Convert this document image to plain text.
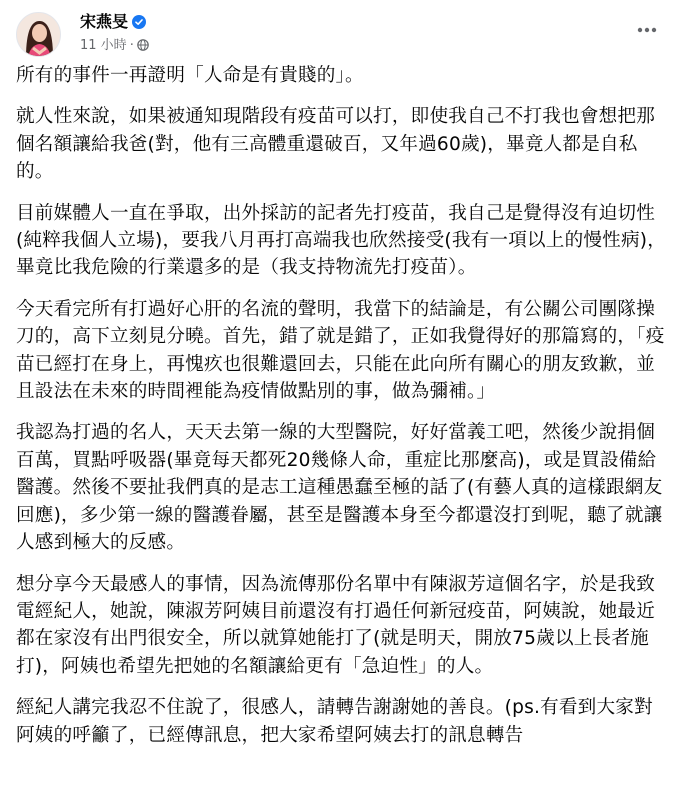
宋燕旻
11 小時 ·

所有的事件一再證明「人命是有貴賤的」。

就人性來說，如果被通知現階段有疫苗可以打，即使我自己不打我也會想把那個名額讓給我爸(對，他有三高體重還破百，又年過60歲)，畢竟人都是自私的。

目前媒體人一直在爭取，出外採訪的記者先打疫苗，我自己是覺得沒有迫切性(純粹我個人立場)，要我八月再打高端我也欣然接受(我有一項以上的慢性病)，畢竟比我危險的行業還多的是（我支持物流先打疫苗）。

今天看完所有打過好心肝的名流的聲明，我當下的結論是，有公關公司團隊操刀的，高下立刻見分曉。首先，錯了就是錯了，正如我覺得好的那篇寫的，「疫苗已經打在身上，再愧疚也很難還回去，只能在此向所有關心的朋友致歉，並且設法在未來的時間裡能為疫情做點別的事，做為彌補。」

我認為打過的名人，天天去第一線的大型醫院，好好當義工吧，然後少說捐個百萬，買點呼吸器(畢竟每天都死20幾條人命，重症比那麼高)，或是買設備給醫護。然後不要扯我們真的是志工這種愚蠢至極的話了(有藝人真的這樣跟網友回應)，多少第一線的醫護眷屬，甚至是醫護本身至今都還沒打到呢，聽了就讓人感到極大的反感。

想分享今天最感人的事情，因為流傳那份名單中有陳淑芳這個名字，於是我致電經紀人，她說，陳淑芳阿姨目前還沒有打過任何新冠疫苗，阿姨說，她最近都在家沒有出門很安全，所以就算她能打了(就是明天，開放75歲以上長者施打)，阿姨也希望先把她的名額讓給更有「急迫性」的人。

經紀人講完我忍不住說了，很感人，請轉告謝謝她的善良。(ps.有看到大家對阿姨的呼籲了，已經傳訊息，把大家希望阿姨去打的訊息轉告
